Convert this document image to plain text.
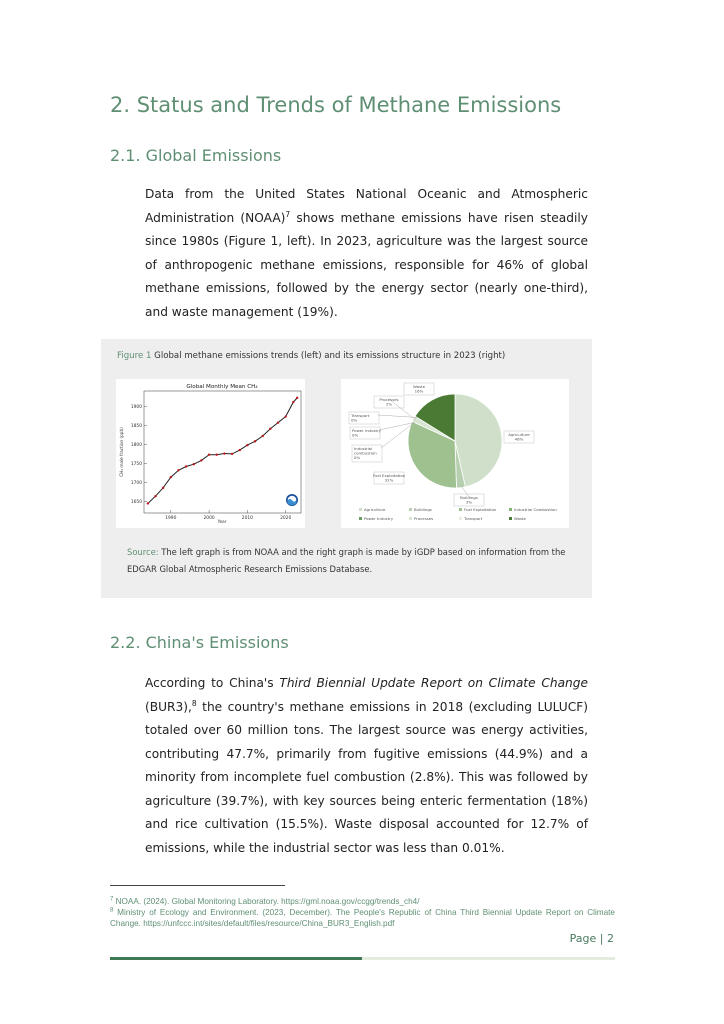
2. Status and Trends of Methane Emissions
2.1. Global Emissions
Data from the United States National Oceanic and Atmospheric Administration (NOAA)$^7$ shows methane emissions have risen steadily since 1980s (Figure 1, left). In 2023, agriculture was the largest source of anthropogenic methane emissions, responsible for 46% of global methane emissions, followed by the energy sector (nearly one-third), and waste management (19%).
Figure 1 Global methane emissions trends (left) and its emissions structure in 2023 (right)
Global Monthly Mean CH₄
Year
CH₄ mole fraction (ppb)
1650
1700
1750
1800
1850
1900
1990	2000	2010	2020
Agriculture 46%
Buildings 3%
Fuel Exploitation 32%
Industrial combustion 0%
Power industry 0%
Processes 2%
Transport 0%
Waste 16%
Agriculture	Buildings	Fuel Exploitation	Industrial Combustion
Power Industry	Processes	Transport	Waste
Source: The left graph is from NOAA and the right graph is made by iGDP based on information from the EDGAR Global Atmospheric Research Emissions Database.
2.2. China's Emissions
According to China's Third Biennial Update Report on Climate Change (BUR3),$^8$ the country's methane emissions in 2018 (excluding LULUCF) totaled over 60 million tons. The largest source was energy activities, contributing 47.7%, primarily from fugitive emissions (44.9%) and a minority from incomplete fuel combustion (2.8%). This was followed by agriculture (39.7%), with key sources being enteric fermentation (18%) and rice cultivation (15.5%). Waste disposal accounted for 12.7% of emissions, while the industrial sector was less than 0.01%.
$^7$ NOAA. (2024). Global Monitoring Laboratory. https://gml.noaa.gov/ccgg/trends_ch4/
$^8$ Ministry of Ecology and Environment. (2023, December). The People's Republic of China Third Biennial Update Report on Climate Change. https://unfccc.int/sites/default/files/resource/China_BUR3_English.pdf
Page | 2
